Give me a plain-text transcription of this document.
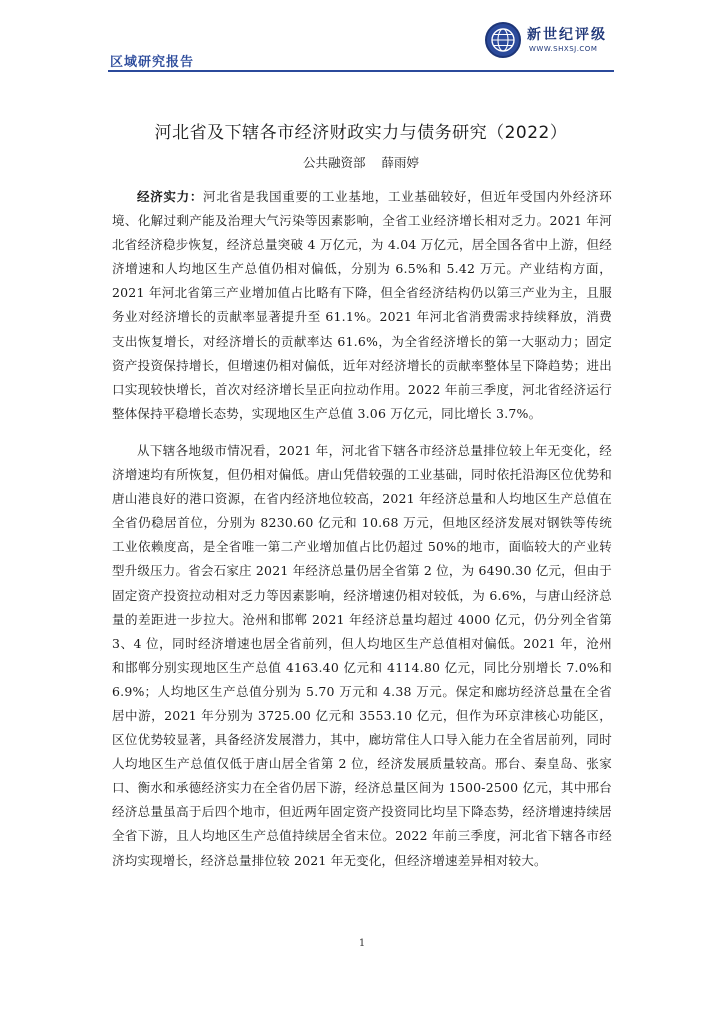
区域研究报告
新世纪评级
WWW.SHXSJ.COM
河北省及下辖各市经济财政实力与债务研究（2022）
公共融资部 薛雨婷

经济实力：河北省是我国重要的工业基地，工业基础较好，但近年受国内外经济环境、化解过剩产能及治理大气污染等因素影响，全省工业经济增长相对乏力。2021 年河北省经济稳步恢复，经济总量突破 4 万亿元，为 4.04 万亿元，居全国各省中上游，但经济增速和人均地区生产总值仍相对偏低，分别为 6.5%和 5.42 万元。产业结构方面，2021 年河北省第三产业增加值占比略有下降，但全省经济结构仍以第三产业为主，且服务业对经济增长的贡献率显著提升至 61.1%。2021 年河北省消费需求持续释放，消费支出恢复增长，对经济增长的贡献率达 61.6%，为全省经济增长的第一大驱动力；固定资产投资保持增长，但增速仍相对偏低，近年对经济增长的贡献率整体呈下降趋势；进出口实现较快增长，首次对经济增长呈正向拉动作用。2022 年前三季度，河北省经济运行整体保持平稳增长态势，实现地区生产总值 3.06 万亿元，同比增长 3.7%。

从下辖各地级市情况看，2021 年，河北省下辖各市经济总量排位较上年无变化，经济增速均有所恢复，但仍相对偏低。唐山凭借较强的工业基础，同时依托沿海区位优势和唐山港良好的港口资源，在省内经济地位较高，2021 年经济总量和人均地区生产总值在全省仍稳居首位，分别为 8230.60 亿元和 10.68 万元，但地区经济发展对钢铁等传统工业依赖度高，是全省唯一第二产业增加值占比仍超过 50%的地市，面临较大的产业转型升级压力。省会石家庄 2021 年经济总量仍居全省第 2 位，为 6490.30 亿元，但由于固定资产投资拉动相对乏力等因素影响，经济增速仍相对较低，为 6.6%，与唐山经济总量的差距进一步拉大。沧州和邯郸 2021 年经济总量均超过 4000 亿元，仍分列全省第 3、4 位，同时经济增速也居全省前列，但人均地区生产总值相对偏低。2021 年，沧州和邯郸分别实现地区生产总值 4163.40 亿元和 4114.80 亿元，同比分别增长 7.0%和 6.9%；人均地区生产总值分别为 5.70 万元和 4.38 万元。保定和廊坊经济总量在全省居中游，2021 年分别为 3725.00 亿元和 3553.10 亿元，但作为环京津核心功能区，区位优势较显著，具备经济发展潜力，其中，廊坊常住人口导入能力在全省居前列，同时人均地区生产总值仅低于唐山居全省第 2 位，经济发展质量较高。邢台、秦皇岛、张家口、衡水和承德经济实力在全省仍居下游，经济总量区间为 1500-2500 亿元，其中邢台经济总量虽高于后四个地市，但近两年固定资产投资同比均呈下降态势，经济增速持续居全省下游，且人均地区生产总值持续居全省末位。2022 年前三季度，河北省下辖各市经济均实现增长，经济总量排位较 2021 年无变化，但经济增速差异相对较大。

1
